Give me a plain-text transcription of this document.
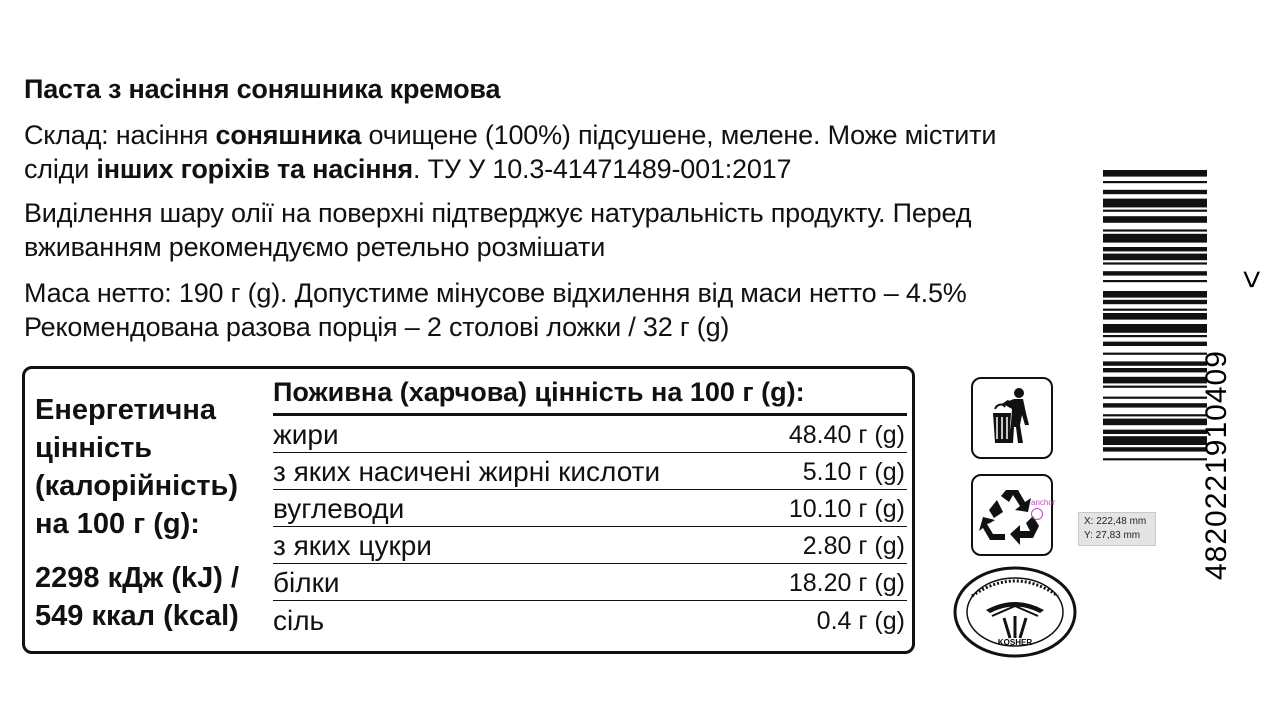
Паста з насіння соняшника кремова

Склад: насіння соняшника очищене (100%) підсушене, мелене. Може містити

сліди інших горіхів та насіння. ТУ У 10.3-41471489-001:2017

Виділення шару олії на поверхні підтверджує натуральність продукту. Перед

вживанням рекомендуємо ретельно розмішати

Маса нетто: 190 г (g). Допустиме мінусове відхилення від маси нетто – 4.5%

Рекомендована разова порція – 2 столові ложки / 32 г (g)

Енергетична
цінність
(калорійність)
на 100 г (g):
2298 кДж (kJ) /
549 ккал (kcal)
Поживна (харчова) цінність на 100 г (g):
жири	48.40 г (g)
з яких насичені жирні кислоти	5.10 г (g)
вуглеводи	10.10 г (g)
з яких цукри	2.80 г (g)
білки	18.20 г (g)
сіль	0.4 г (g)
anchor
KOSHER
>
4820221910409
X: 222,48 mm
Y: 27,83 mm
